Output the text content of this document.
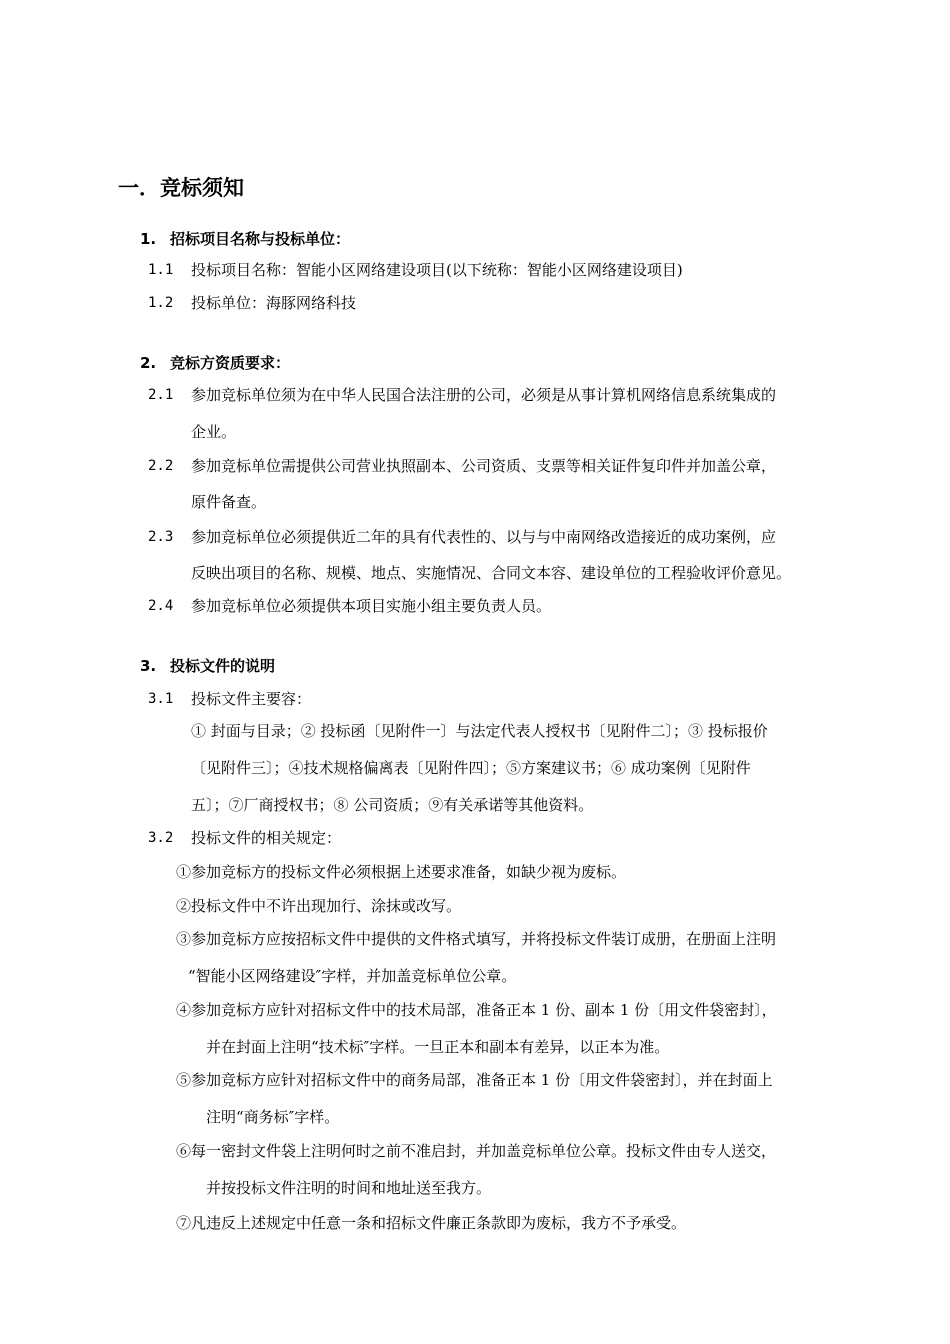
一．竞标须知
1. 招标项目名称与投标单位：
1.1 投标项目名称：智能小区网络建设项目(以下统称：智能小区网络建设项目)
1.2 投标单位：海豚网络科技
2. 竞标方资质要求：
2.1 参加竞标单位须为在中华人民国合法注册的公司，必须是从事计算机网络信息系统集成的
企业。
2.2 参加竞标单位需提供公司营业执照副本、公司资质、支票等相关证件复印件并加盖公章，
原件备查。
2.3 参加竞标单位必须提供近二年的具有代表性的、以与与中南网络改造接近的成功案例，应
反映出项目的名称、规模、地点、实施情况、合同文本容、建设单位的工程验收评价意见。
2.4 参加竞标单位必须提供本项目实施小组主要负责人员。
3. 投标文件的说明
3.1 投标文件主要容：
① 封面与目录；② 投标函〔见附件一〕与法定代表人授权书〔见附件二〕；③ 投标报价
〔见附件三〕；④技术规格偏离表〔见附件四〕；⑤方案建议书；⑥ 成功案例〔见附件
五〕；⑦厂商授权书；⑧ 公司资质；⑨有关承诺等其他资料。
3.2 投标文件的相关规定：
①参加竞标方的投标文件必须根据上述要求准备，如缺少视为废标。
②投标文件中不许出现加行、涂抹或改写。
③参加竞标方应按招标文件中提供的文件格式填写，并将投标文件装订成册，在册面上注明
“智能小区网络建设″字样，并加盖竞标单位公章。
④参加竞标方应针对招标文件中的技术局部，准备正本 1 份、副本 1 份〔用文件袋密封〕，
并在封面上注明“技术标″字样。一旦正本和副本有差异，以正本为准。
⑤参加竞标方应针对招标文件中的商务局部，准备正本 1 份〔用文件袋密封〕，并在封面上
注明“商务标″字样。
⑥每一密封文件袋上注明何时之前不准启封，并加盖竞标单位公章。投标文件由专人送交，
并按投标文件注明的时间和地址送至我方。
⑦凡违反上述规定中任意一条和招标文件廉正条款即为废标，我方不予承受。
